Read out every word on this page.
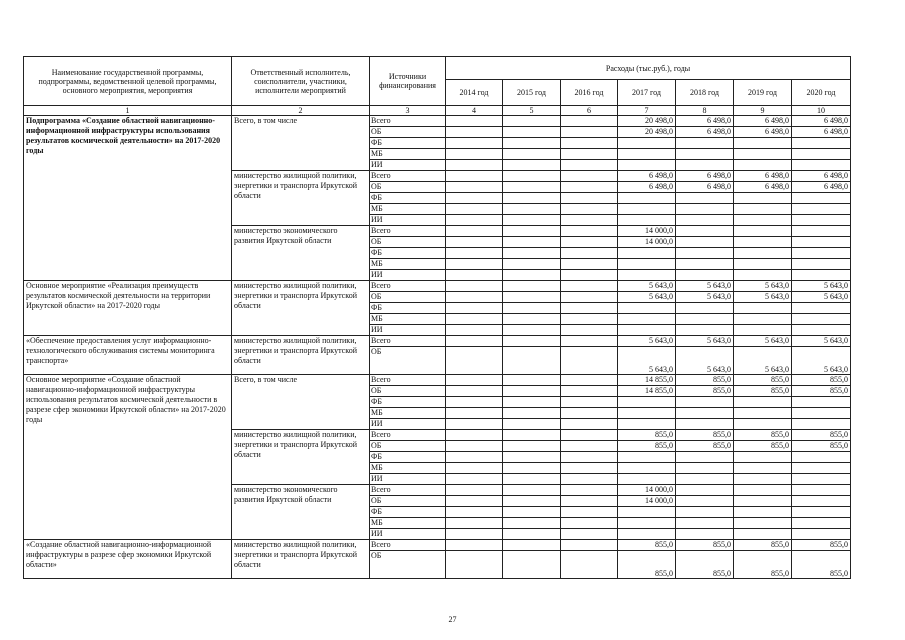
Наименование государственной программы, подпрограммы, ведомственной целевой программы, основного мероприятия, мероприятия	Ответственный исполнитель, соисполнители, участники, исполнители мероприятий	Источники финансирования	Расходы (тыс.руб.), годы						
			2014 год	2015 год	2016 год	2017 год	2018 год	2019 год	2020 год
1	2	3	4	5	6	7	8	9	10
Подпрограмма «Создание областной навигационно-информационной инфраструктуры использования результатов космической деятельности» на 2017-2020 годы	Всего, в том числе	Всего				20 498,0	6 498,0	6 498,0	6 498,0
		ОБ				20 498,0	6 498,0	6 498,0	6 498,0
		ФБ							
		МБ							
		ИИ							
	министерство жилищной политики, энергетики и транспорта Иркутской области	Всего				6 498,0	6 498,0	6 498,0	6 498,0
		ОБ				6 498,0	6 498,0	6 498,0	6 498,0
		ФБ							
		МБ							
		ИИ							
	министерство экономического развития Иркутской области	Всего				14 000,0			
		ОБ				14 000,0			
		ФБ							
		МБ							
		ИИ							
Основное мероприятие «Реализация преимуществ результатов космической деятельности на территории Иркутской области» на 2017-2020 годы	министерство жилищной политики, энергетики и транспорта Иркутской области	Всего				5 643,0	5 643,0	5 643,0	5 643,0
		ОБ				5 643,0	5 643,0	5 643,0	5 643,0
		ФБ							
		МБ							
		ИИ							
«Обеспечение предоставления услуг информационно-технологического обслуживания системы мониторинга транспорта»	министерство жилищной политики, энергетики и транспорта Иркутской области	Всего				5 643,0	5 643,0	5 643,0	5 643,0
		ОБ				5 643,0	5 643,0	5 643,0	5 643,0
Основное мероприятие «Создание областной навигационно-информационной инфраструктуры использования результатов космической деятельности в разрезе сфер экономики Иркутской области» на 2017-2020 годы	Всего, в том числе	Всего				14 855,0	855,0	855,0	855,0
		ОБ				14 855,0	855,0	855,0	855,0
		ФБ							
		МБ							
		ИИ							
	министерство жилищной политики, энергетики и транспорта Иркутской области	Всего				855,0	855,0	855,0	855,0
		ОБ				855,0	855,0	855,0	855,0
		ФБ							
		МБ							
		ИИ							
	министерство экономического развития Иркутской области	Всего				14 000,0			
		ОБ				14 000,0			
		ФБ							
		МБ							
		ИИ							
«Создание областной навигационно-информационной инфраструктуры в разрезе сфер экономики Иркутской области»	министерство жилищной политики, энергетики и транспорта Иркутской области	Всего				855,0	855,0	855,0	855,0
		ОБ				855,0	855,0	855,0	855,0
27
